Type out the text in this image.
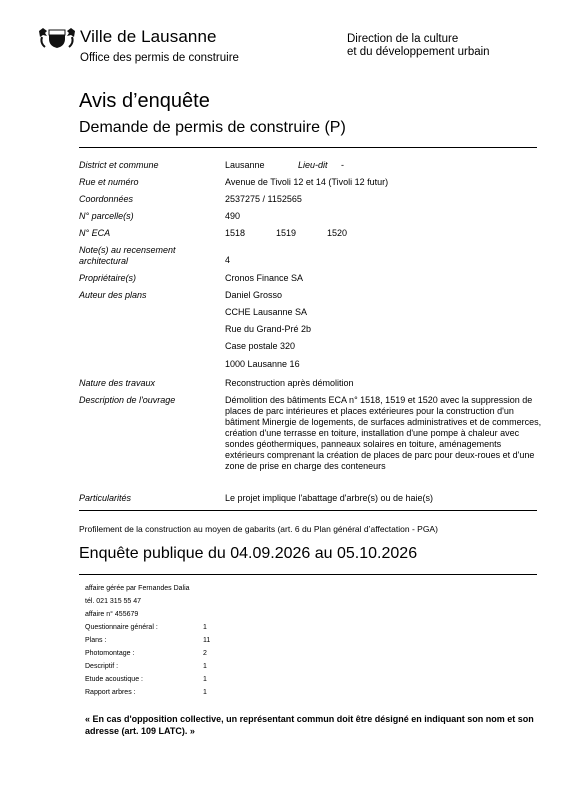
Ville de Lausanne
Office des permis de construire
Direction de la culture
et du développement urbain
Avis d’enquête
Demande de permis de construire (P)
District et commune	Lausanne	Lieu-dit -
Rue et numéro	Avenue de Tivoli 12 et 14 (Tivoli 12 futur)
Coordonnées	2537275 / 1152565
N° parcelle(s)	490
N° ECA	1518	1519	1520
Note(s) au recensement
architectural	4
Propriétaire(s)	Cronos Finance SA
Auteur des plans	Daniel Grosso
CCHE Lausanne SA
Rue du Grand-Pré 2b
Case postale 320
1000 Lausanne 16
Nature des travaux	Reconstruction après démolition
Description de l'ouvrage	Démolition des bâtiments ECA n° 1518, 1519 et 1520 avec la suppression de places de parc intérieures et places extérieures pour la construction d'un bâtiment Minergie de logements, de surfaces administratives et de commerces, création d'une terrasse en toiture, installation d'une pompe à chaleur avec sondes géothermiques, panneaux solaires en toiture, aménagements extérieurs comprenant la création de places de parc pour deux-roues et d'une zone de prise en charge des conteneurs
Particularités	Le projet implique l'abattage d'arbre(s) ou de haie(s)
Profilement de la construction au moyen de gabarits (art. 6 du Plan général d’affectation - PGA)
Enquête publique du 04.09.2026 au 05.10.2026
affaire gérée par Fernandes Dalia
tél. 021 315 55 47
affaire n° 455679
Questionnaire général :	1
Plans :	11
Photomontage :	2
Descriptif :	1
Etude acoustique :	1
Rapport arbres :	1
« En cas d'opposition collective, un représentant commun doit être désigné en indiquant son nom et son adresse (art. 109 LATC). »
